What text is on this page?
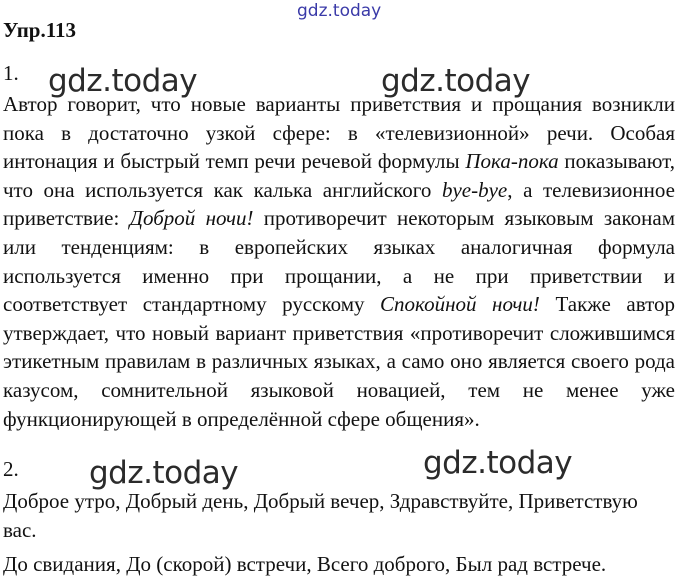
gdz.today
Упр.113
1. gdz.today	gdz.today
Автор говорит, что новые варианты приветствия и прощания возникли пока в достаточно узкой сфере: в «телевизионной» речи. Особая интонация и быстрый темп речи речевой формулы Пока-пока показывают, что она используется как калька английского bye-bye, а телевизионное приветствие: Доброй ночи! противоречит некоторым языковым законам или тенденциям: в европейских языках аналогичная формула используется именно при прощании, а не при приветствии и соответствует стандартному русскому Спокойной ночи! Также автор утверждает, что новый вариант приветствия «противоречит сложившимся этикетным правилам в различных языках, а само оно является своего рода казусом, сомнительной языковой новацией, тем не менее уже функционирующей в определённой сфере общения».
2. gdz.today	gdz.today
Доброе утро, Добрый день, Добрый вечер, Здравствуйте, Приветствую вас.
До свидания, До (скорой) встречи, Всего доброго, Был рад встрече.
